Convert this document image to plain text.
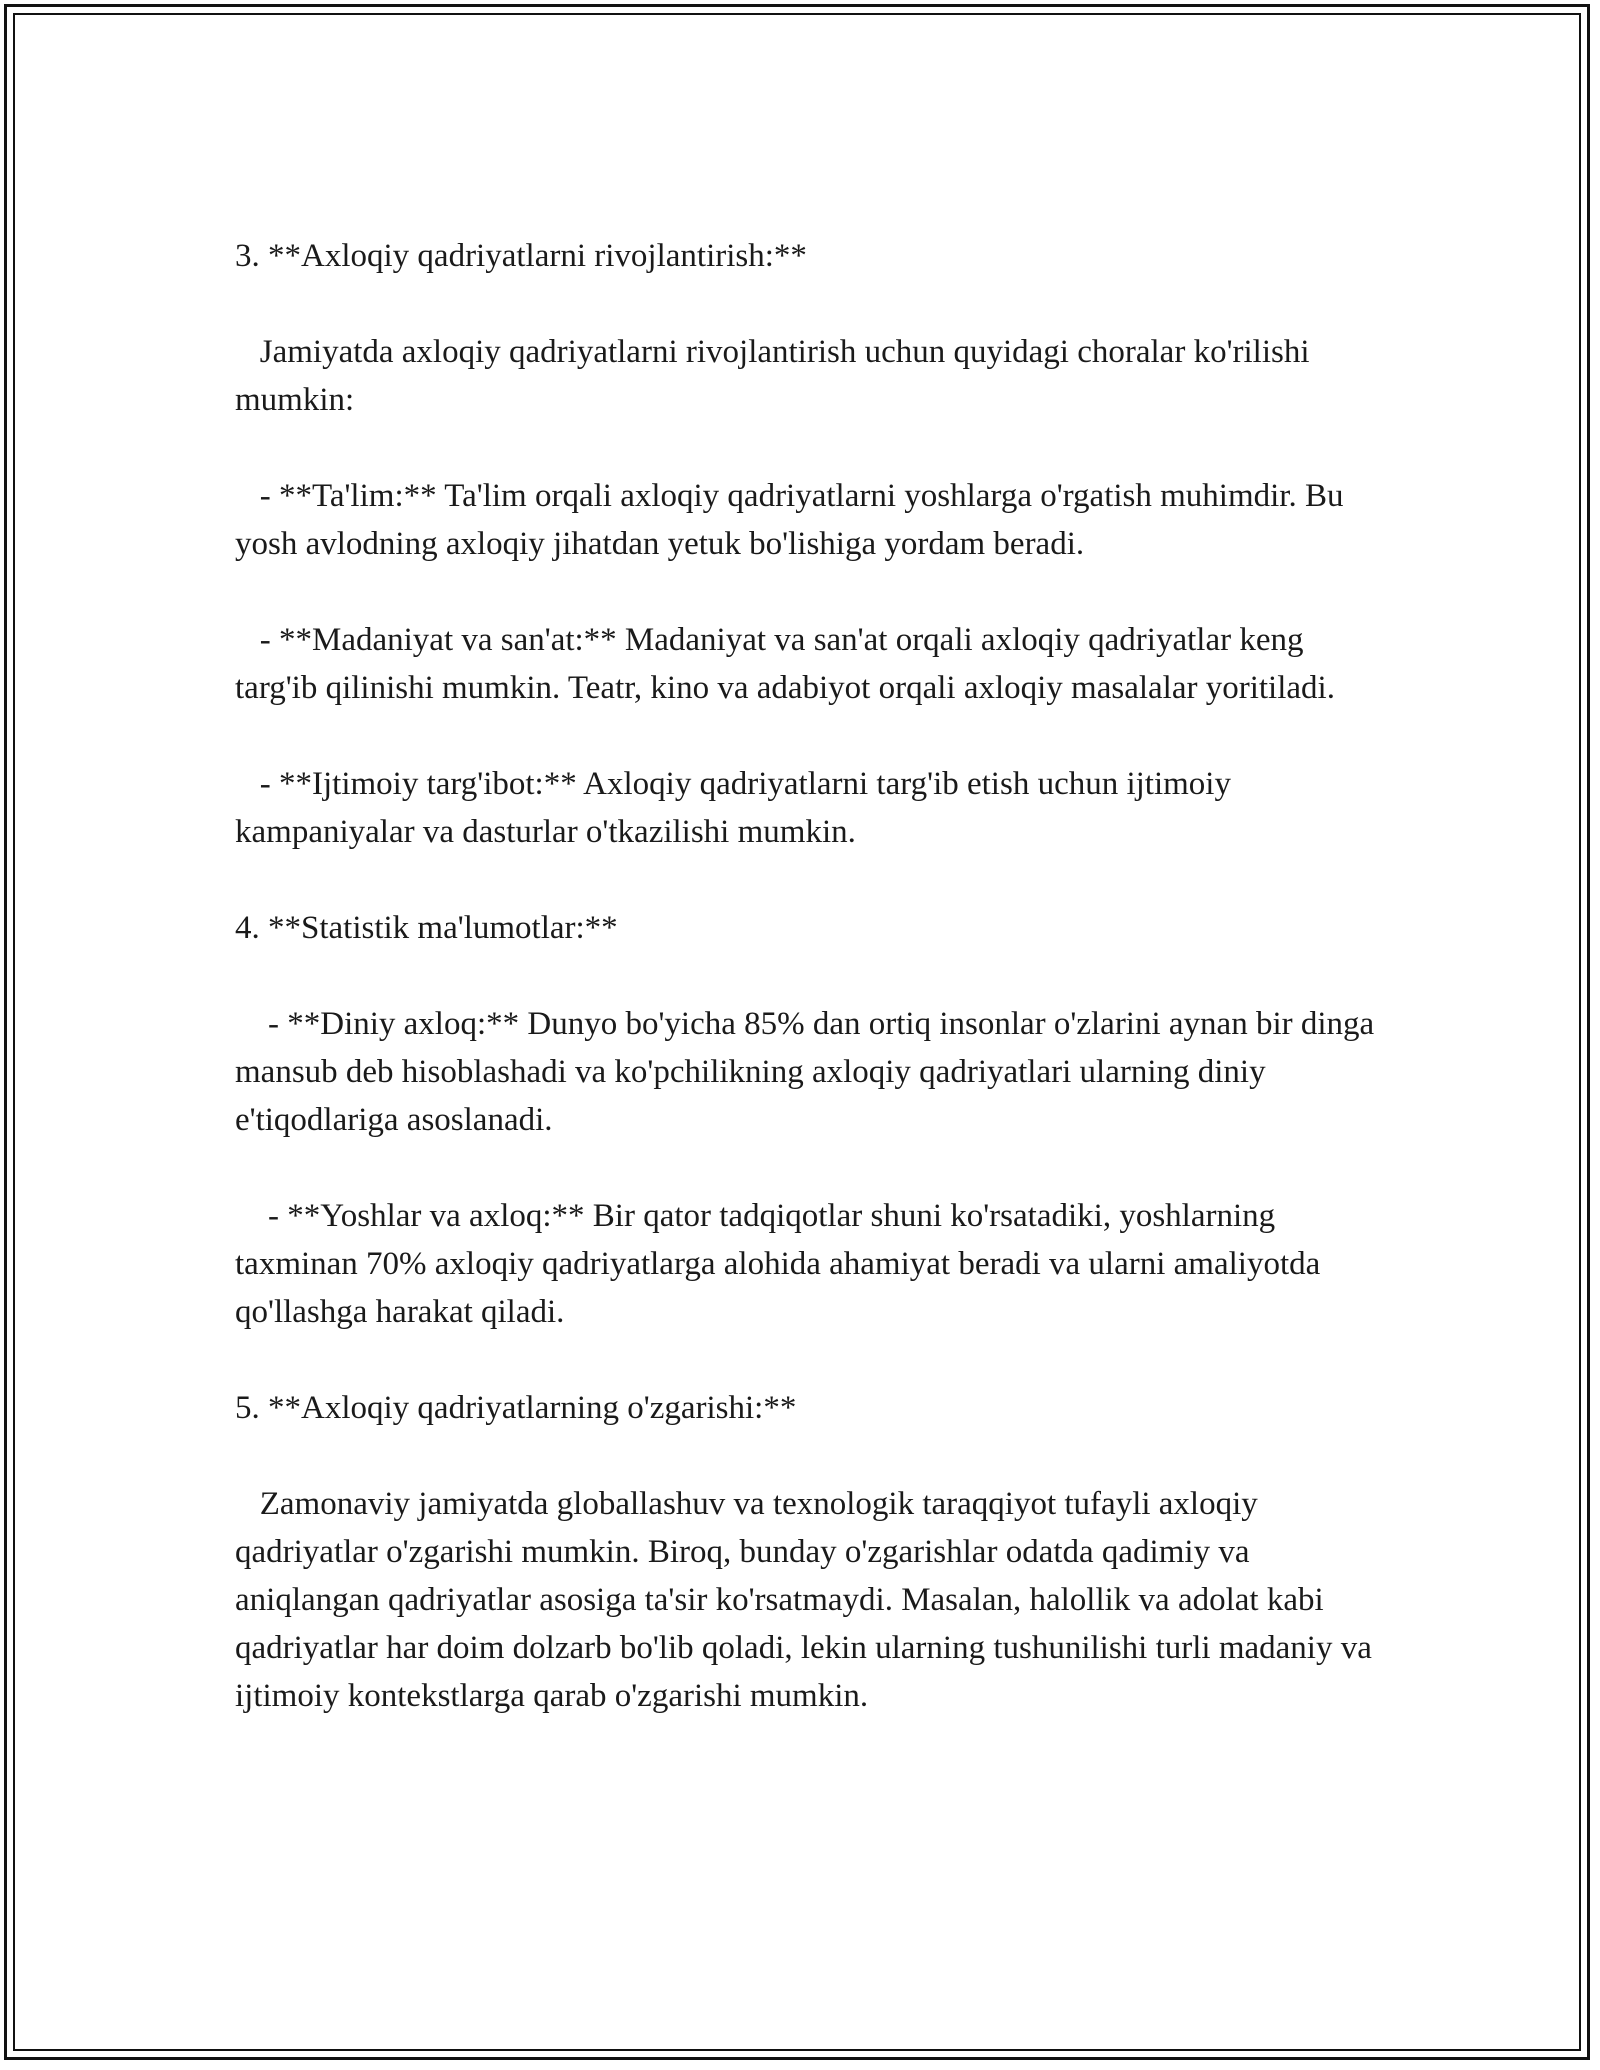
3. **Axloqiy qadriyatlarni rivojlantirish:**

Jamiyatda axloqiy qadriyatlarni rivojlantirish uchun quyidagi choralar ko'rilishi mumkin:

- **Ta'lim:** Ta'lim orqali axloqiy qadriyatlarni yoshlarga o'rgatish muhimdir. Bu yosh avlodning axloqiy jihatdan yetuk bo'lishiga yordam beradi.

- **Madaniyat va san'at:** Madaniyat va san'at orqali axloqiy qadriyatlar keng targ'ib qilinishi mumkin. Teatr, kino va adabiyot orqali axloqiy masalalar yoritiladi.

- **Ijtimoiy targ'ibot:** Axloqiy qadriyatlarni targ'ib etish uchun ijtimoiy kampaniyalar va dasturlar o'tkazilishi mumkin.

4. **Statistik ma'lumotlar:**

- **Diniy axloq:** Dunyo bo'yicha 85% dan ortiq insonlar o'zlarini aynan bir dinga mansub deb hisoblashadi va ko'pchilikning axloqiy qadriyatlari ularning diniy e'tiqodlariga asoslanadi.

- **Yoshlar va axloq:** Bir qator tadqiqotlar shuni ko'rsatadiki, yoshlarning taxminan 70% axloqiy qadriyatlarga alohida ahamiyat beradi va ularni amaliyotda qo'llashga harakat qiladi.

5. **Axloqiy qadriyatlarning o'zgarishi:**

Zamonaviy jamiyatda globallashuv va texnologik taraqqiyot tufayli axloqiy qadriyatlar o'zgarishi mumkin. Biroq, bunday o'zgarishlar odatda qadimiy va aniqlangan qadriyatlar asosiga ta'sir ko'rsatmaydi. Masalan, halollik va adolat kabi qadriyatlar har doim dolzarb bo'lib qoladi, lekin ularning tushunilishi turli madaniy va ijtimoiy kontekstlarga qarab o'zgarishi mumkin.
